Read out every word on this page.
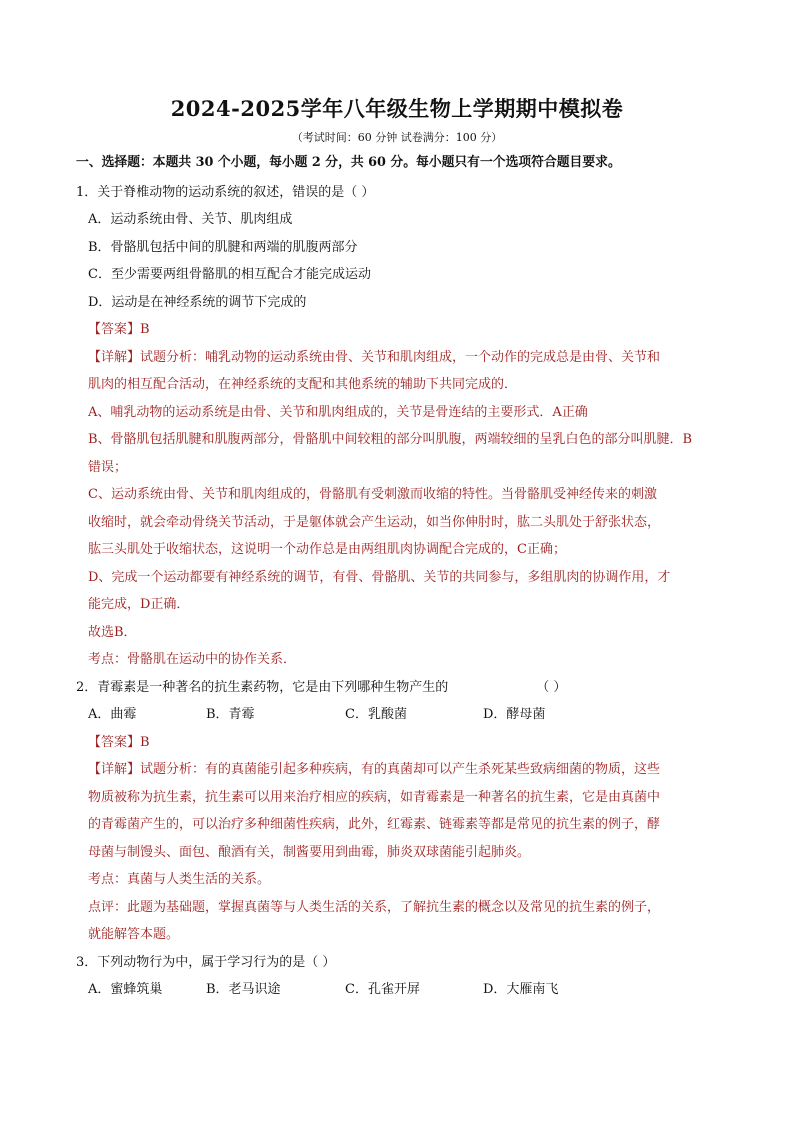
2024-2025学年八年级生物上学期期中模拟卷
（考试时间：60 分钟 试卷满分：100 分）
一、选择题：本题共 30 个小题，每小题 2 分，共 60 分。每小题只有一个选项符合题目要求。
1．关于脊椎动物的运动系统的叙述，错误的是（ ）
A．运动系统由骨、关节、肌肉组成
B．骨骼肌包括中间的肌腱和两端的肌腹两部分
C．至少需要两组骨骼肌的相互配合才能完成运动
D．运动是在神经系统的调节下完成的
【答案】B
【详解】试题分析：哺乳动物的运动系统由骨、关节和肌肉组成，一个动作的完成总是由骨、关节和
肌肉的相互配合活动，在神经系统的支配和其他系统的辅助下共同完成的．
A、哺乳动物的运动系统是由骨、关节和肌肉组成的，关节是骨连结的主要形式．A正确
B、骨骼肌包括肌腱和肌腹两部分，骨骼肌中间较粗的部分叫肌腹，两端较细的呈乳白色的部分叫肌腱．B
错误；
C、运动系统由骨、关节和肌肉组成的，骨骼肌有受刺激而收缩的特性。当骨骼肌受神经传来的刺激
收缩时，就会牵动骨绕关节活动，于是躯体就会产生运动，如当你伸肘时，肱二头肌处于舒张状态，
肱三头肌处于收缩状态，这说明一个动作总是由两组肌肉协调配合完成的，C正确；
D、完成一个运动都要有神经系统的调节，有骨、骨骼肌、关节的共同参与，多组肌肉的协调作用，才
能完成，D正确．
故选B．
考点：骨骼肌在运动中的协作关系．
2．青霉素是一种著名的抗生素药物，它是由下列哪种生物产生的	（ ）
A．曲霉	B．青霉	C．乳酸菌	D．酵母菌
【答案】B
【详解】试题分析：有的真菌能引起多种疾病，有的真菌却可以产生杀死某些致病细菌的物质，这些
物质被称为抗生素，抗生素可以用来治疗相应的疾病，如青霉素是一种著名的抗生素，它是由真菌中
的青霉菌产生的，可以治疗多种细菌性疾病，此外，红霉素、链霉素等都是常见的抗生素的例子，酵
母菌与制馒头、面包、酿酒有关，制酱要用到曲霉，肺炎双球菌能引起肺炎。
考点：真菌与人类生活的关系。
点评：此题为基础题，掌握真菌等与人类生活的关系，了解抗生素的概念以及常见的抗生素的例子，
就能解答本题。
3．下列动物行为中，属于学习行为的是（ ）
A．蜜蜂筑巢	B．老马识途	C．孔雀开屏	D．大雁南飞
